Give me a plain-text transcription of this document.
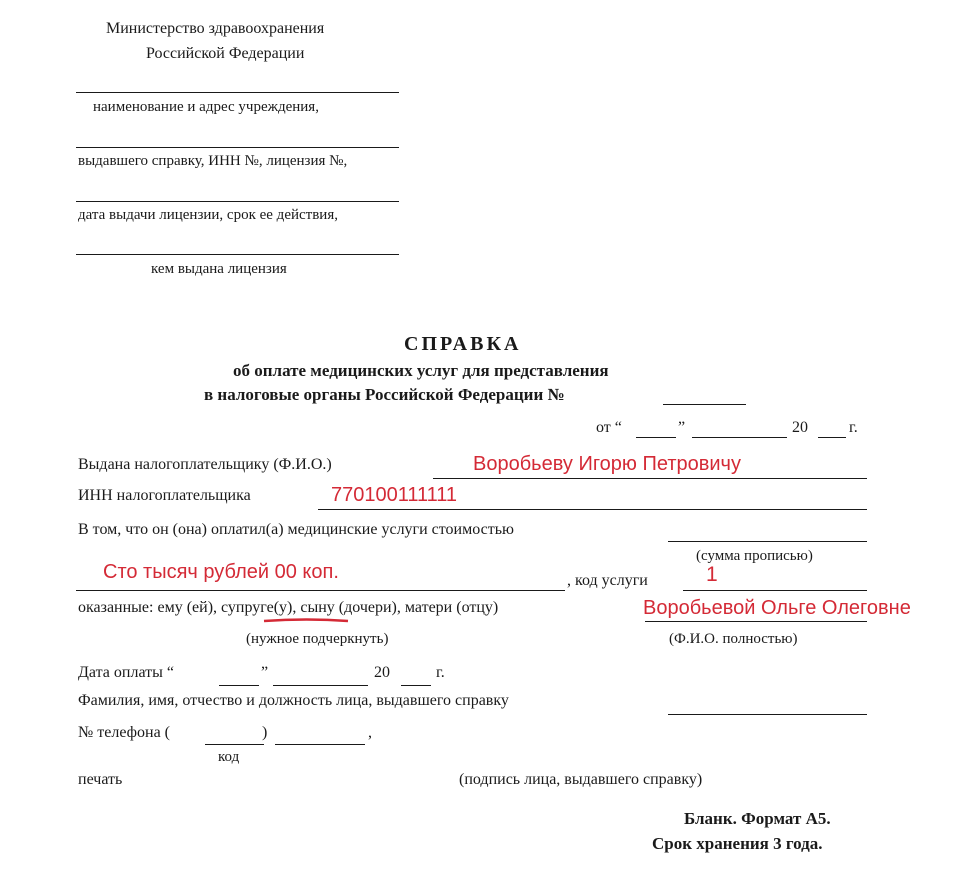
Министерство здравоохранения
Российской Федерации
наименование и адрес учреждения,
выдавшего справку, ИНН №, лицензия №,
дата выдачи лицензии, срок ее действия,
кем выдана лицензия
СПРАВКА
об оплате медицинских услуг для представления
в налоговые органы Российской Федерации №
от “	”	20	г.
Выдана налогоплательщику (Ф.И.О.)	Воробьеву Игорю Петровичу
ИНН налогоплательщика	770100111111
В том, что он (она) оплатил(а) медицинские услуги стоимостью
(сумма прописью)
Сто тысяч рублей 00 коп.	, код услуги	1
оказанные: ему (ей), супруге(у), сыну (дочери), матери (отцу)	Воробьевой Ольге Олеговне
(нужное подчеркнуть)	(Ф.И.О. полностью)
Дата оплаты “	”	20	г.
Фамилия, имя, отчество и должность лица, выдавшего справку
№ телефона (	)	,
код
печать	(подпись лица, выдавшего справку)
Бланк. Формат А5.
Срок хранения 3 года.
